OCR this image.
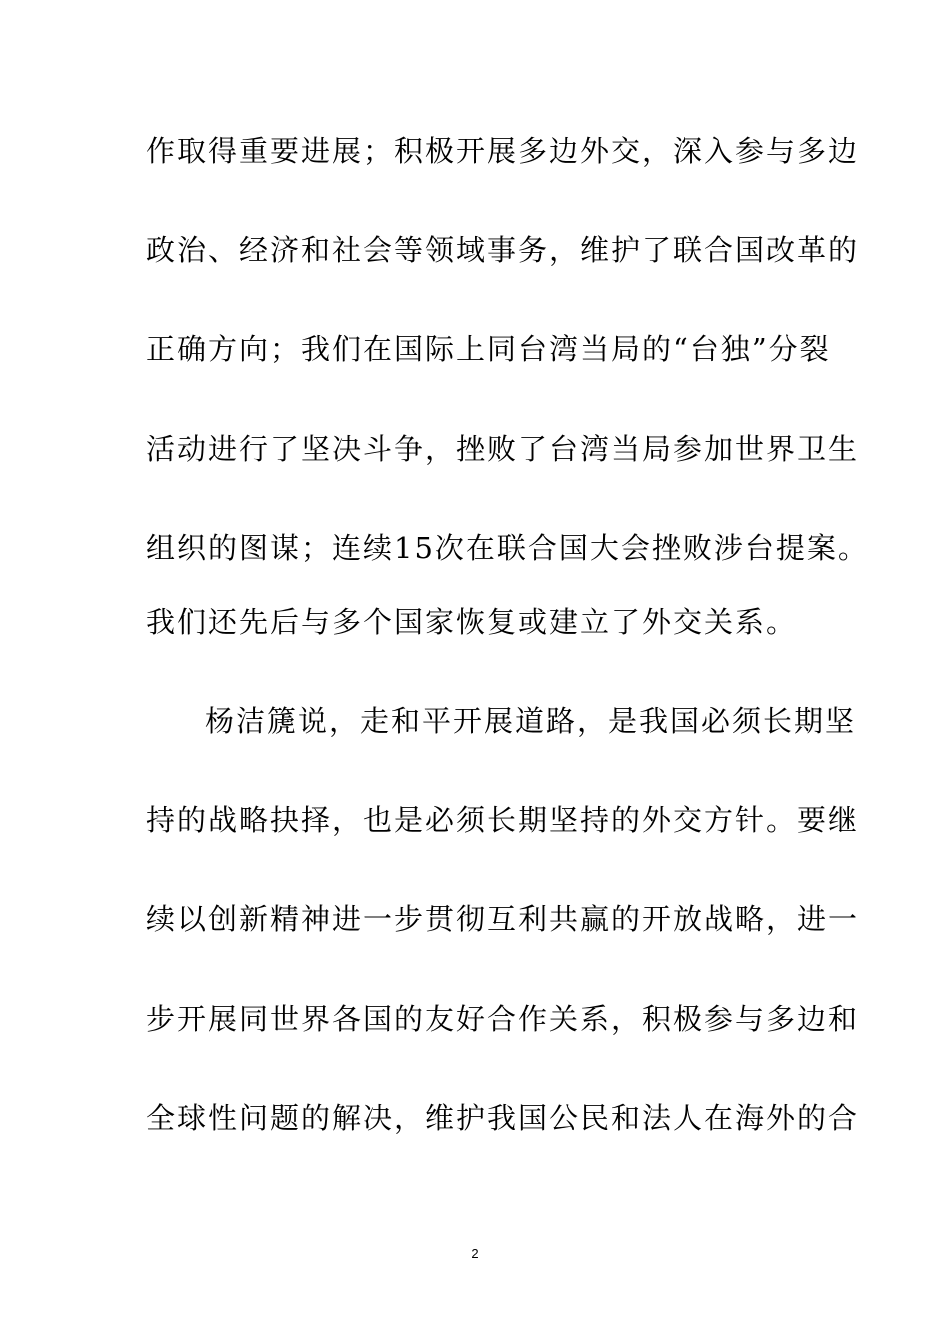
作取得重要进展；积极开展多边外交，深入参与多边
政治、经济和社会等领域事务，维护了联合国改革的
正确方向；我们在国际上同台湾当局的“台独”分裂
活动进行了坚决斗争，挫败了台湾当局参加世界卫生
组织的图谋；连续15次在联合国大会挫败涉台提案。
我们还先后与多个国家恢复或建立了外交关系。
杨洁篪说，走和平开展道路，是我国必须长期坚
持的战略抉择，也是必须长期坚持的外交方针。要继
续以创新精神进一步贯彻互利共赢的开放战略，进一
步开展同世界各国的友好合作关系，积极参与多边和
全球性问题的解决，维护我国公民和法人在海外的合
2
